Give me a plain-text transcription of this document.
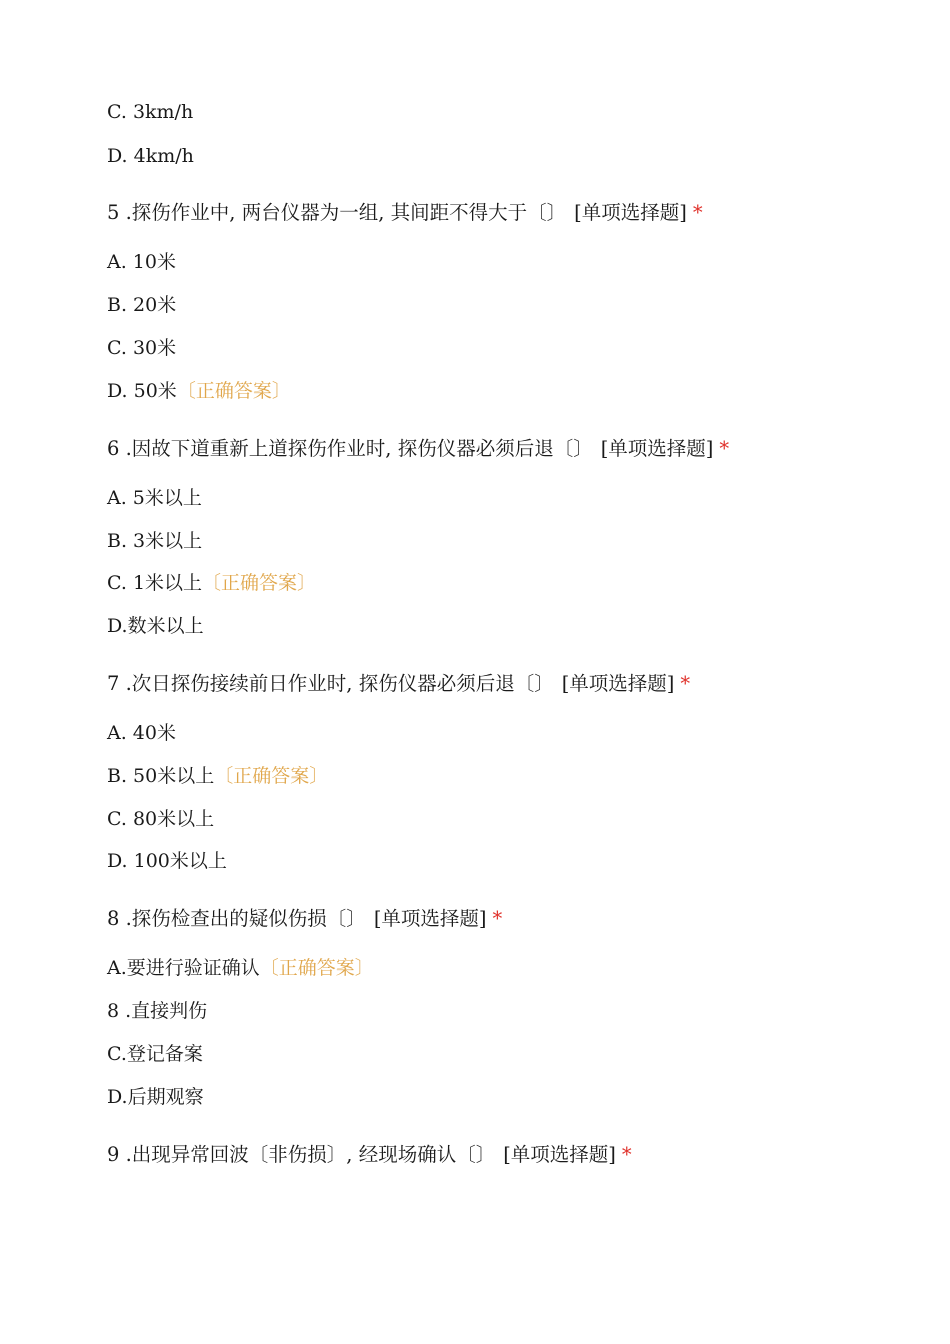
C. 3km/h
D. 4km/h
5 .探伤作业中, 两台仪器为一组, 其间距不得大于〔〕 [单项选择题] *
A. 10米
B. 20米
C. 30米
D. 50米〔正确答案〕
6 .因故下道重新上道探伤作业时, 探伤仪器必须后退〔〕 [单项选择题] *
A. 5米以上
B. 3米以上
C. 1米以上〔正确答案〕
D.数米以上
7 .次日探伤接续前日作业时, 探伤仪器必须后退〔〕 [单项选择题] *
A. 40米
B. 50米以上〔正确答案〕
C. 80米以上
D. 100米以上
8 .探伤检查出的疑似伤损〔〕 [单项选择题] *
A.要进行验证确认〔正确答案〕
8 .直接判伤
C.登记备案
D.后期观察
9 .出现异常回波〔非伤损〕, 经现场确认〔〕 [单项选择题] *
